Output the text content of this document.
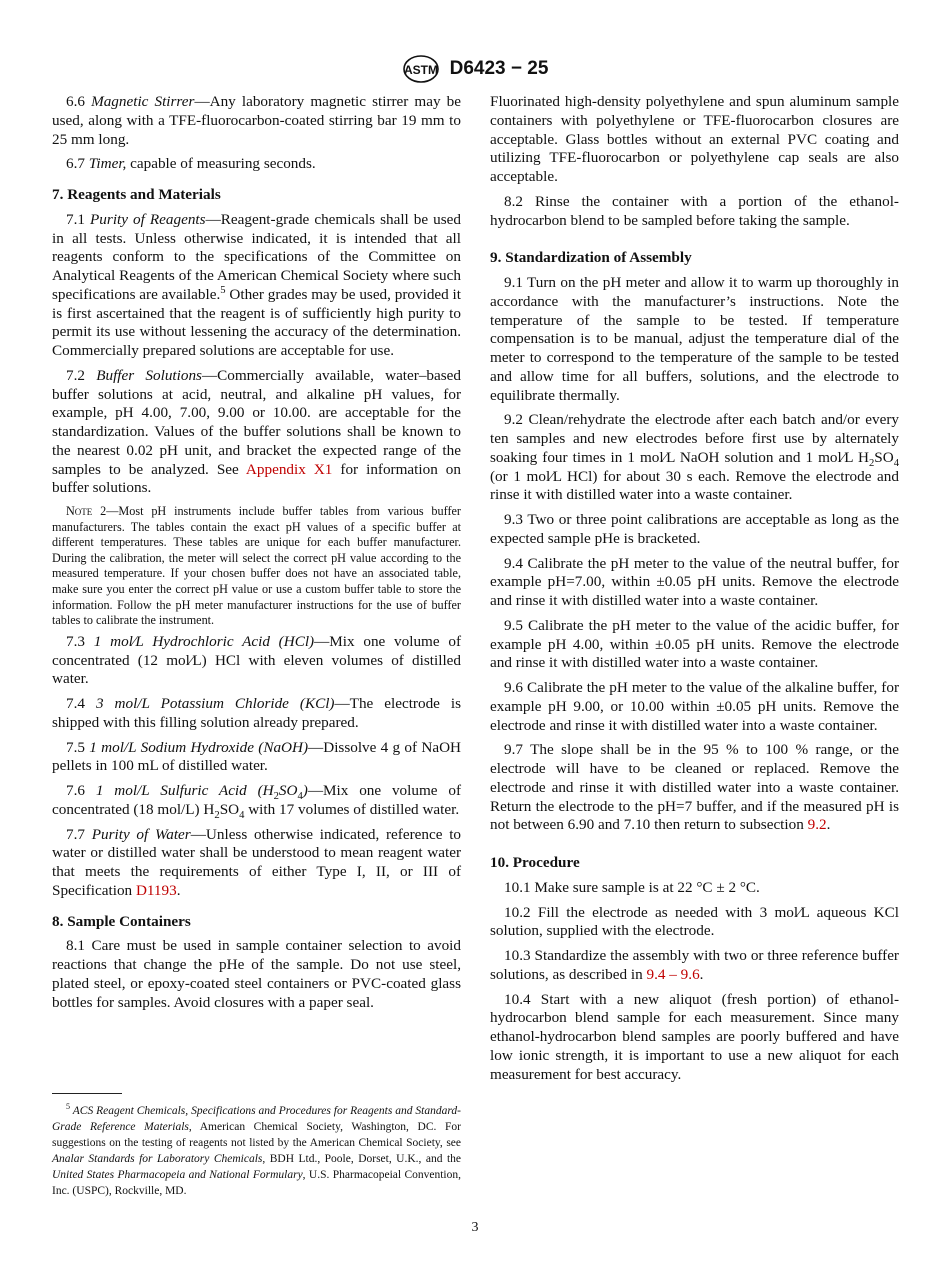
ASTM D6423 − 25

6.6 Magnetic Stirrer—Any laboratory magnetic stirrer may be used, along with a TFE-fluorocarbon-coated stirring bar 19 mm to 25 mm long.

6.7 Timer, capable of measuring seconds.

7. Reagents and Materials

7.1 Purity of Reagents—Reagent-grade chemicals shall be used in all tests. Unless otherwise indicated, it is intended that all reagents conform to the specifications of the Committee on Analytical Reagents of the American Chemical Society where such specifications are available.$^5$ Other grades may be used, provided it is first ascertained that the reagent is of sufficiently high purity to permit its use without lessening the accuracy of the determination. Commercially prepared solutions are acceptable for use.

7.2 Buffer Solutions—Commercially available, water–based buffer solutions at acid, neutral, and alkaline pH values, for example, pH 4.00, 7.00, 9.00 or 10.00. are acceptable for the standardization. Values of the buffer solutions shall be known to the nearest 0.02 pH unit, and bracket the expected range of the samples to be analyzed. See Appendix X1 for information on buffer solutions.

Note 2—Most pH instruments include buffer tables from various buffer manufacturers. The tables contain the exact pH values of a specific buffer at different temperatures. These tables are unique for each buffer manufacturer. During the calibration, the meter will select the correct pH value according to the measured temperature. If your chosen buffer does not have an associated table, make sure you enter the correct pH value or use a custom buffer table to store the information. Follow the pH meter manufacturer instructions for the use of buffer tables to calibrate the instrument.

7.3 1 mol⁄L Hydrochloric Acid (HCl)—Mix one volume of concentrated (12 mol⁄L) HCl with eleven volumes of distilled water.

7.4 3 mol/L Potassium Chloride (KCl)—The electrode is shipped with this filling solution already prepared.

7.5 1 mol/L Sodium Hydroxide (NaOH)—Dissolve 4 g of NaOH pellets in 100 mL of distilled water.

7.6 1 mol/L Sulfuric Acid $(H_2SO_4)—Mix$ one volume of concentrated (18 mol/L) $H_2SO_4$ with 17 volumes of distilled water.

7.7 Purity of Water—Unless otherwise indicated, reference to water or distilled water shall be understood to mean reagent water that meets the requirements of either Type I, II, or III of Specification D1193.

8. Sample Containers

8.1 Care must be used in sample container selection to avoid reactions that change the pHe of the sample. Do not use steel, plated steel, or epoxy-coated steel containers or PVC-coated glass bottles for samples. Avoid closures with a paper seal.

Fluorinated high-density polyethylene and spun aluminum sample containers with polyethylene or TFE-fluorocarbon closures are acceptable. Glass bottles without an external PVC coating and utilizing TFE-fluorocarbon or polyethylene cap seals are also acceptable.

8.2 Rinse the container with a portion of the ethanol-hydrocarbon blend to be sampled before taking the sample.

9. Standardization of Assembly

9.1 Turn on the pH meter and allow it to warm up thoroughly in accordance with the manufacturer’s instructions. Note the temperature of the sample to be tested. If temperature compensation is to be manual, adjust the temperature dial of the meter to correspond to the temperature of the sample to be tested and allow time for all buffers, solutions, and the electrode to equilibrate thermally.

9.2 Clean/rehydrate the electrode after each batch and/or every ten samples and new electrodes before first use by alternately soaking four times in 1 mol⁄L NaOH solution and 1 mol⁄L $H_2SO_4$ (or 1 mol⁄L HCl) for about 30 s each. Remove the electrode and rinse it with distilled water into a waste container.

9.3 Two or three point calibrations are acceptable as long as the expected sample pHe is bracketed.

9.4 Calibrate the pH meter to the value of the neutral buffer, for example pH=7.00, within ±0.05 pH units. Remove the electrode and rinse it with distilled water into a waste container.

9.5 Calibrate the pH meter to the value of the acidic buffer, for example pH 4.00, within ±0.05 pH units. Remove the electrode and rinse it with distilled water into a waste container.

9.6 Calibrate the pH meter to the value of the alkaline buffer, for example pH 9.00, or 10.00 within ±0.05 pH units. Remove the electrode and rinse it with distilled water into a waste container.

9.7 The slope shall be in the 95 % to 100 % range, or the electrode will have to be cleaned or replaced. Remove the electrode and rinse it with distilled water into a waste container. Return the electrode to the pH=7 buffer, and if the measured pH is not between 6.90 and 7.10 then return to subsection 9.2.

10. Procedure

10.1 Make sure sample is at 22 °C ± 2 °C.

10.2 Fill the electrode as needed with 3 mol⁄L aqueous KCl solution, supplied with the electrode.

10.3 Standardize the assembly with two or three reference buffer solutions, as described in 9.4 – 9.6.

10.4 Start with a new aliquot (fresh portion) of ethanol-hydrocarbon blend sample for each measurement. Since many ethanol-hydrocarbon blend samples are poorly buffered and have low ionic strength, it is important to use a new aliquot for each measurement for best accuracy.

$^5$ ACS Reagent Chemicals, Specifications and Procedures for Reagents and Standard-Grade Reference Materials, American Chemical Society, Washington, DC. For suggestions on the testing of reagents not listed by the American Chemical Society, see Analar Standards for Laboratory Chemicals, BDH Ltd., Poole, Dorset, U.K., and the United States Pharmacopeia and National Formulary, U.S. Pharmacopeial Convention, Inc. (USPC), Rockville, MD.
3
